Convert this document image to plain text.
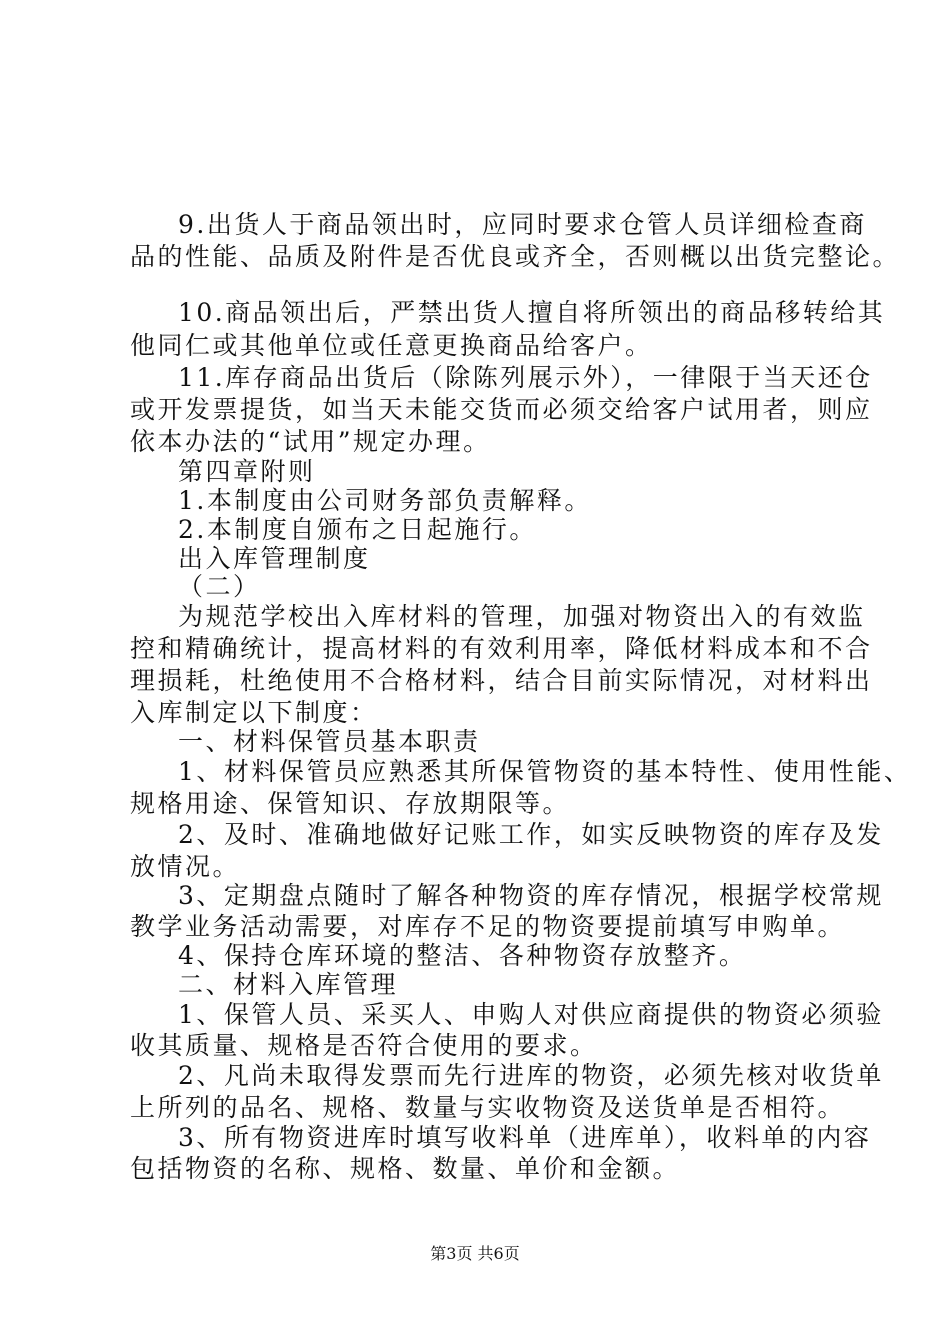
9.出货人于商品领出时，应同时要求仓管人员详细检查商
品的性能、品质及附件是否优良或齐全，否则概以出货完整论。
10.商品领出后，严禁出货人擅自将所领出的商品移转给其
他同仁或其他单位或任意更换商品给客户。
11.库存商品出货后（除陈列展示外），一律限于当天还仓
或开发票提货，如当天未能交货而必须交给客户试用者，则应
依本办法的“试用”规定办理。
第四章附则
1.本制度由公司财务部负责解释。
2.本制度自颁布之日起施行。
出入库管理制度
（二）
为规范学校出入库材料的管理，加强对物资出入的有效监
控和精确统计，提高材料的有效利用率，降低材料成本和不合
理损耗，杜绝使用不合格材料，结合目前实际情况，对材料出
入库制定以下制度：
一、材料保管员基本职责
1、材料保管员应熟悉其所保管物资的基本特性、使用性能、
规格用途、保管知识、存放期限等。
2、及时、准确地做好记账工作，如实反映物资的库存及发
放情况。
3、定期盘点随时了解各种物资的库存情况，根据学校常规
教学业务活动需要，对库存不足的物资要提前填写申购单。
4、保持仓库环境的整洁、各种物资存放整齐。
二、材料入库管理
1、保管人员、采买人、申购人对供应商提供的物资必须验
收其质量、规格是否符合使用的要求。
2、凡尚未取得发票而先行进库的物资，必须先核对收货单
上所列的品名、规格、数量与实收物资及送货单是否相符。
3、所有物资进库时填写收料单（进库单），收料单的内容
包括物资的名称、规格、数量、单价和金额。
第3页 共6页
